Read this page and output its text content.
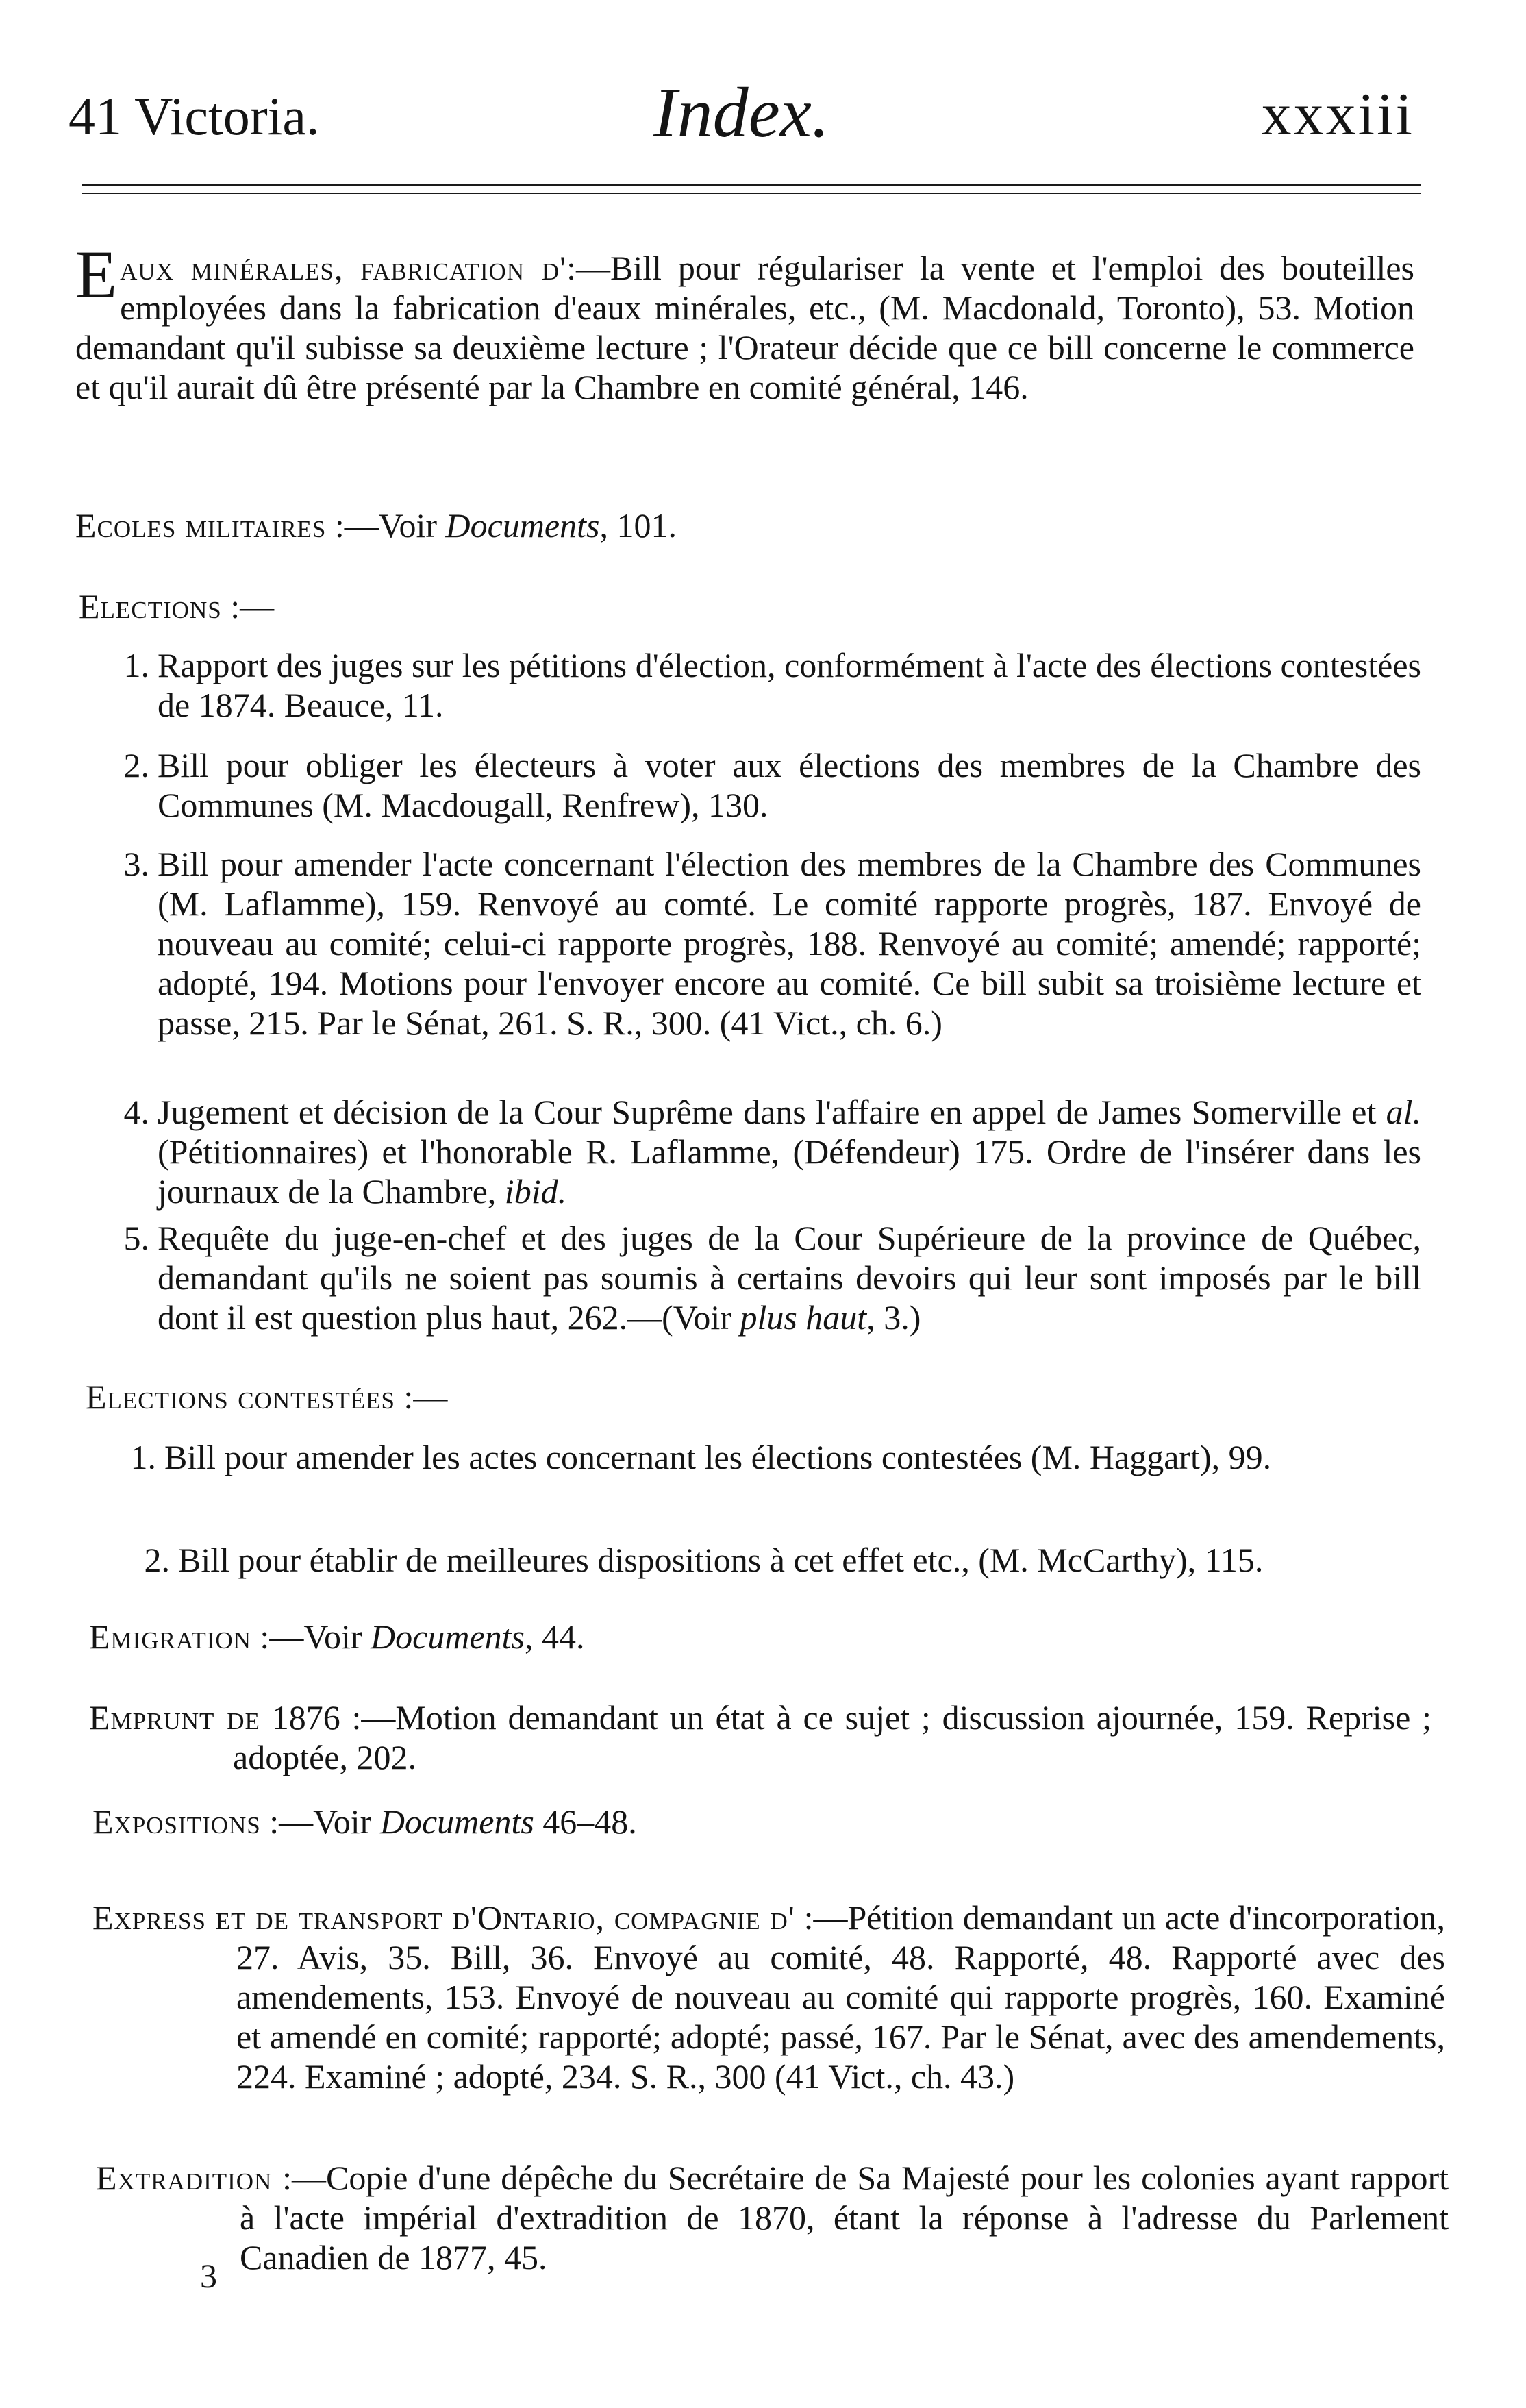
41 Victoria.	Index.	xxxiii
E aux minérales, fabrication d':—Bill pour régulariser la vente et l'emploi des bouteilles employées dans la fabrication d'eaux minérales, etc., (M. Macdonald, Toronto), 53. Motion demandant qu'il subisse sa deuxième lecture ; l'Orateur décide que ce bill concerne le commerce et qu'il aurait dû être présenté par la Chambre en comité général, 146.
Ecoles militaires :—Voir Documents, 101.
Elections :—
1. Rapport des juges sur les pétitions d'élection, conformément à l'acte des élections contestées de 1874. Beauce, 11.
2. Bill pour obliger les électeurs à voter aux élections des membres de la Chambre des Communes (M. Macdougall, Renfrew), 130.
3. Bill pour amender l'acte concernant l'élection des membres de la Chambre des Communes (M. Laflamme), 159. Renvoyé au comté. Le comité rapporte progrès, 187. Envoyé de nouveau au comité; celui-ci rapporte progrès, 188. Renvoyé au comité; amendé; rapporté; adopté, 194. Motions pour l'envoyer encore au comité. Ce bill subit sa troisième lecture et passe, 215. Par le Sénat, 261. S. R., 300. (41 Vict., ch. 6.)
4. Jugement et décision de la Cour Suprême dans l'affaire en appel de James Somerville et al. (Pétitionnaires) et l'honorable R. Laflamme, (Défendeur) 175. Ordre de l'insérer dans les journaux de la Chambre, ibid.
5. Requête du juge-en-chef et des juges de la Cour Supérieure de la province de Québec, demandant qu'ils ne soient pas soumis à certains devoirs qui leur sont imposés par le bill dont il est question plus haut, 262.—(Voir plus haut, 3.)
Elections contestées :—
1. Bill pour amender les actes concernant les élections contestées (M. Haggart), 99.
2. Bill pour établir de meilleures dispositions à cet effet etc., (M. McCarthy), 115.
Emigration :—Voir Documents, 44.
Emprunt de 1876 :—Motion demandant un état à ce sujet ; discussion ajournée, 159. Reprise ; adoptée, 202.
Expositions :—Voir Documents 46–48.
Express et de transport d'Ontario, compagnie d' :—Pétition demandant un acte d'incorporation, 27. Avis, 35. Bill, 36. Envoyé au comité, 48. Rapporté, 48. Rapporté avec des amendements, 153. Envoyé de nouveau au comité qui rapporte progrès, 160. Examiné et amendé en comité; rapporté; adopté; passé, 167. Par le Sénat, avec des amendements, 224. Examiné ; adopté, 234. S. R., 300 (41 Vict., ch. 43.)
Extradition :—Copie d'une dépêche du Secrétaire de Sa Majesté pour les colonies ayant rapport à l'acte impérial d'extradition de 1870, étant la réponse à l'adresse du Parlement Canadien de 1877, 45.
3
